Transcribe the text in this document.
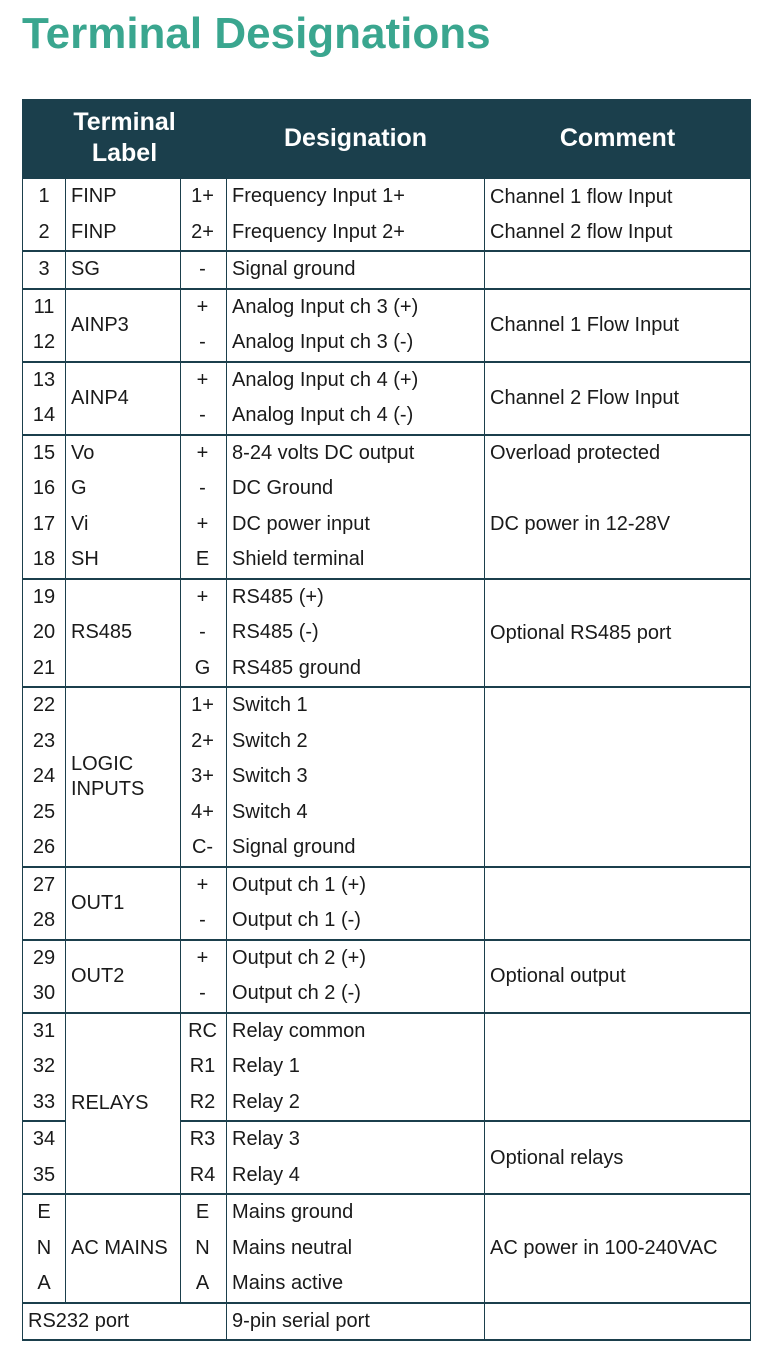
Terminal Designations
Terminal Label			Designation	Comment
1	FINP	1+	Frequency Input 1+	Channel 1 flow Input
2	FINP	2+	Frequency Input 2+	Channel 2 flow Input
3	SG	-	Signal ground	
11	AINP3	+	Analog Input ch 3 (+)	Channel 1 Flow Input
12		-	Analog Input ch 3 (-)	
13	AINP4	+	Analog Input ch 4 (+)	Channel 2 Flow Input
14		-	Analog Input ch 4 (-)	
15	Vo	+	8-24 volts DC output	Overload protected
16	G	-	DC Ground	
17	Vi	+	DC power input	DC power in 12-28V
18	SH	E	Shield terminal	
19	RS485	+	RS485 (+)	Optional RS485 port
20		-	RS485 (-)	
21		G	RS485 ground	
22	LOGIC INPUTS	1+	Switch 1	
23		2+	Switch 2	
24		3+	Switch 3	
25		4+	Switch 4	
26		C-	Signal ground	
27	OUT1	+	Output ch 1 (+)	
28		-	Output ch 1 (-)	
29	OUT2	+	Output ch 2 (+)	Optional output
30		-	Output ch 2 (-)	
31	RELAYS	RC	Relay common	
32		R1	Relay 1	
33		R2	Relay 2	
34		R3	Relay 3	Optional relays
35		R4	Relay 4	
E	AC MAINS	E	Mains ground	AC power in 100-240VAC
N		N	Mains neutral	
A		A	Mains active	
RS232 port			9-pin serial port	
